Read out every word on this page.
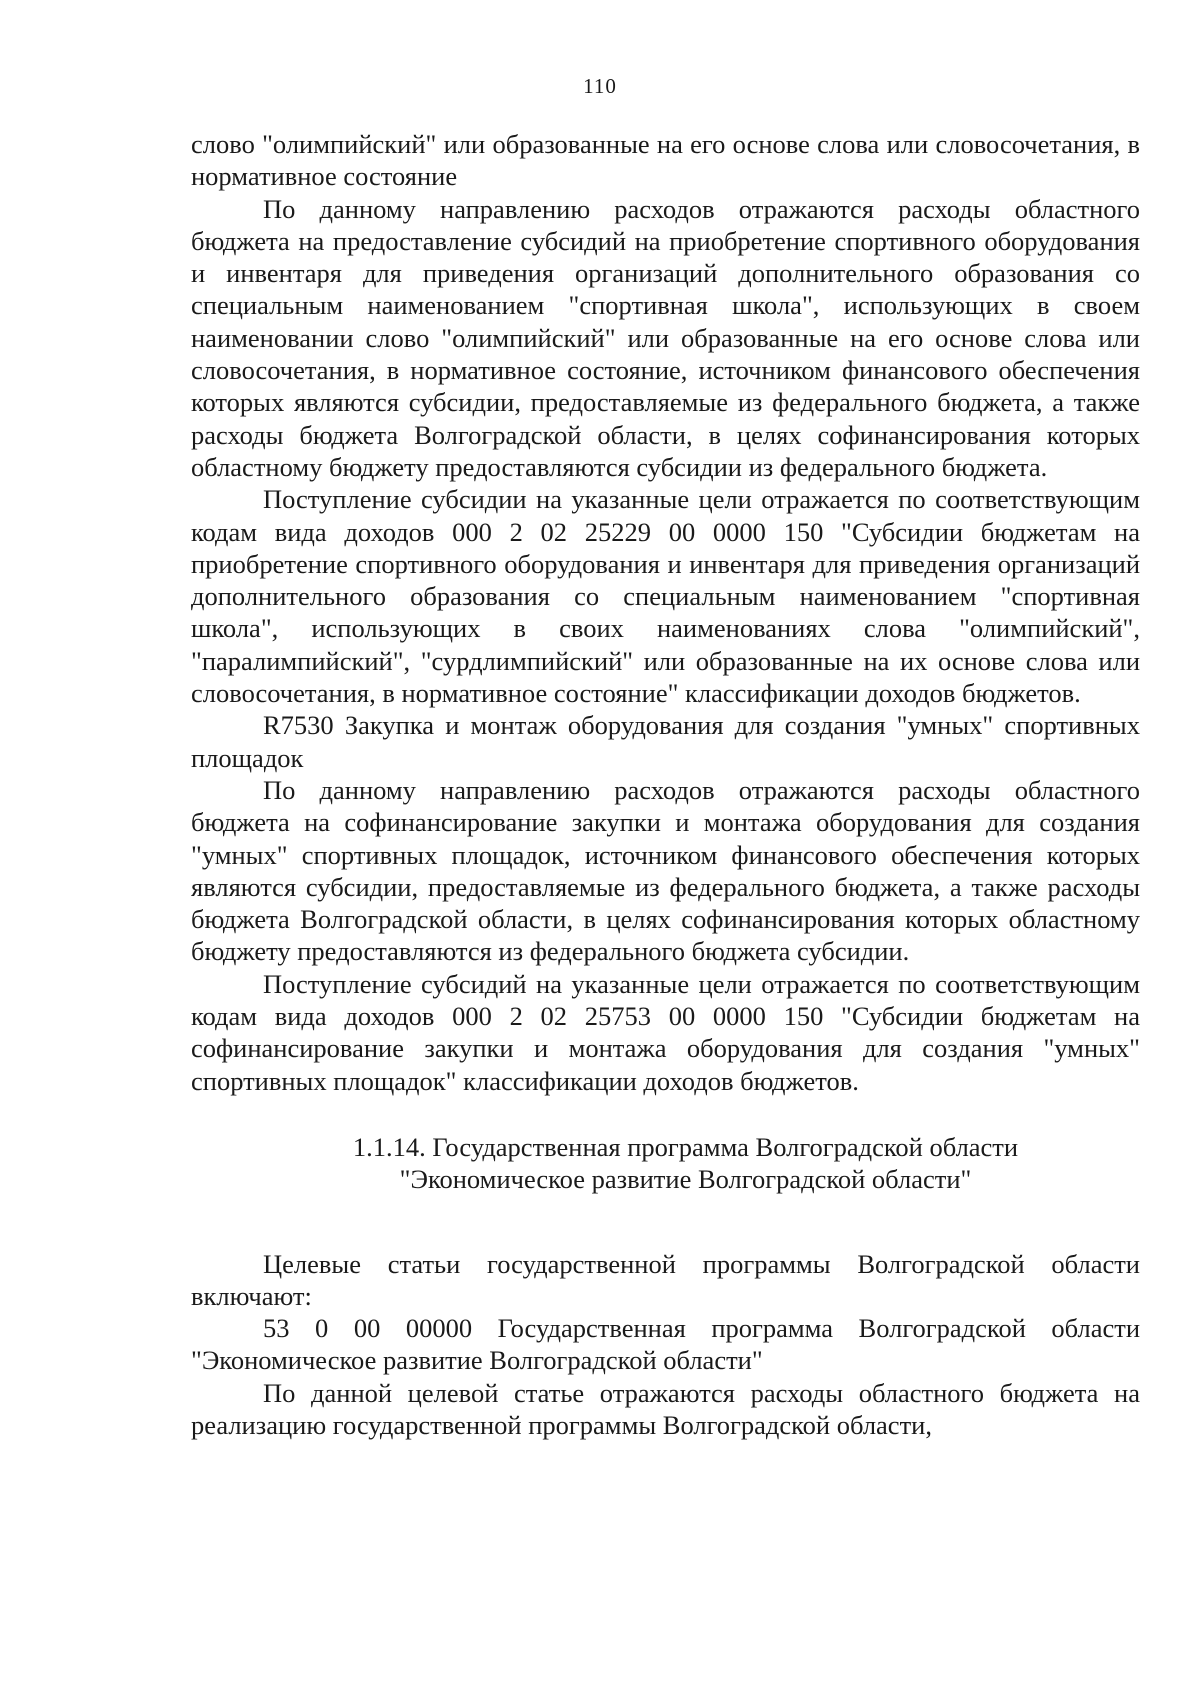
110

слово "олимпийский" или образованные на его основе слова или словосочетания, в нормативное состояние

По данному направлению расходов отражаются расходы областного бюджета на предоставление субсидий на приобретение спортивного оборудования и инвентаря для приведения организаций дополнительного образования со специальным наименованием "спортивная школа", использующих в своем наименовании слово "олимпийский" или образованные на его основе слова или словосочетания, в нормативное состояние, источником финансового обеспечения которых являются субсидии, предоставляемые из федерального бюджета, а также расходы бюджета Волгоградской области, в целях софинансирования которых областному бюджету предоставляются субсидии из федерального бюджета.

Поступление субсидии на указанные цели отражается по соответствующим кодам вида доходов 000 2 02 25229 00 0000 150 "Субсидии бюджетам на приобретение спортивного оборудования и инвентаря для приведения организаций дополнительного образования со специальным наименованием "спортивная школа", использующих в своих наименованиях слова "олимпийский", "паралимпийский", "сурдлимпийский" или образованные на их основе слова или словосочетания, в нормативное состояние" классификации доходов бюджетов.

R7530 Закупка и монтаж оборудования для создания "умных" спортивных площадок

По данному направлению расходов отражаются расходы областного бюджета на софинансирование закупки и монтажа оборудования для создания "умных" спортивных площадок, источником финансового обеспечения которых являются субсидии, предоставляемые из федерального бюджета, а также расходы бюджета Волгоградской области, в целях софинансирования которых областному бюджету предоставляются из федерального бюджета субсидии.

Поступление субсидий на указанные цели отражается по соответствующим кодам вида доходов 000 2 02 25753 00 0000 150 "Субсидии бюджетам на софинансирование закупки и монтажа оборудования для создания "умных" спортивных площадок" классификации доходов бюджетов.

1.1.14. Государственная программа Волгоградской области

"Экономическое развитие Волгоградской области"

Целевые статьи государственной программы Волгоградской области включают:

53 0 00 00000 Государственная программа Волгоградской области "Экономическое развитие Волгоградской области"

По данной целевой статье отражаются расходы областного бюджета на реализацию государственной программы Волгоградской области,
